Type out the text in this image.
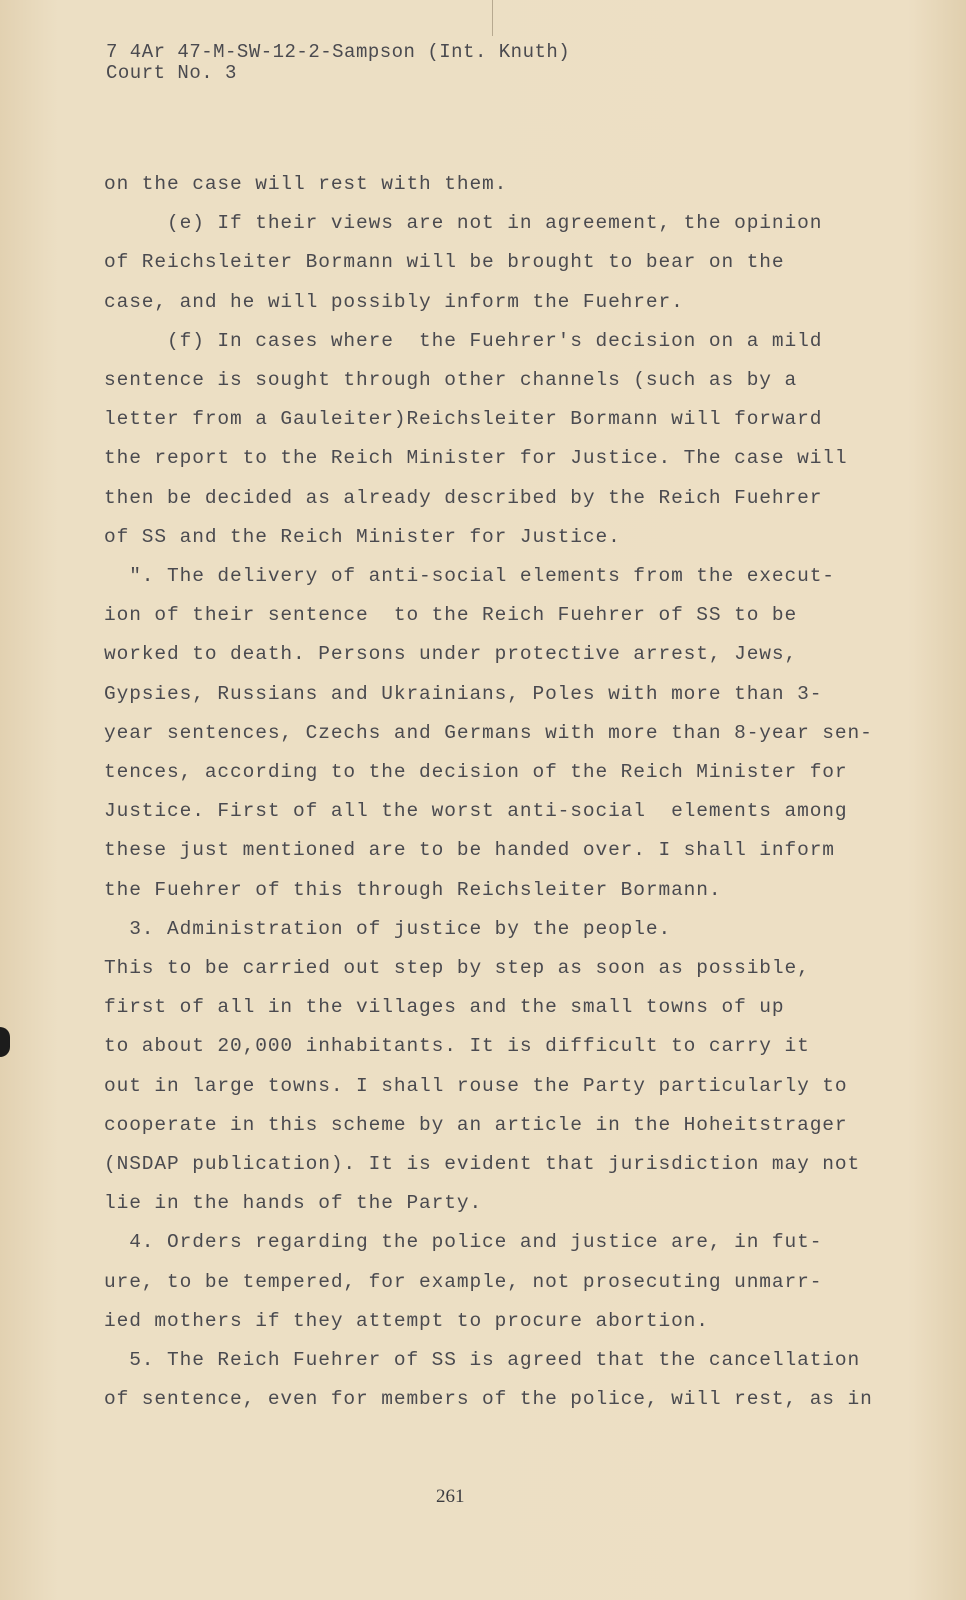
7 4Ar 47-M-SW-12-2-Sampson (Int. Knuth)
Court No. 3
on the case will rest with them.
(e) If their views are not in agreement, the opinion
of Reichsleiter Bormann will be brought to bear on the
case, and he will possibly inform the Fuehrer.
(f) In cases where  the Fuehrer's decision on a mild
sentence is sought through other channels (such as by a
letter from a Gauleiter)Reichsleiter Bormann will forward
the report to the Reich Minister for Justice. The case will
then be decided as already described by the Reich Fuehrer
of SS and the Reich Minister for Justice.
". The delivery of anti-social elements from the execut-
ion of their sentence  to the Reich Fuehrer of SS to be
worked to death. Persons under protective arrest, Jews,
Gypsies, Russians and Ukrainians, Poles with more than 3-
year sentences, Czechs and Germans with more than 8-year sen-
tences, according to the decision of the Reich Minister for
Justice. First of all the worst anti-social  elements among
these just mentioned are to be handed over. I shall inform
the Fuehrer of this through Reichsleiter Bormann.
3. Administration of justice by the people.
This to be carried out step by step as soon as possible,
first of all in the villages and the small towns of up
to about 20,000 inhabitants. It is difficult to carry it
out in large towns. I shall rouse the Party particularly to
cooperate in this scheme by an article in the Hoheitstrager
(NSDAP publication). It is evident that jurisdiction may not
lie in the hands of the Party.
4. Orders regarding the police and justice are, in fut-
ure, to be tempered, for example, not prosecuting unmarr-
ied mothers if they attempt to procure abortion.
5. The Reich Fuehrer of SS is agreed that the cancellation
of sentence, even for members of the police, will rest, as in
261
